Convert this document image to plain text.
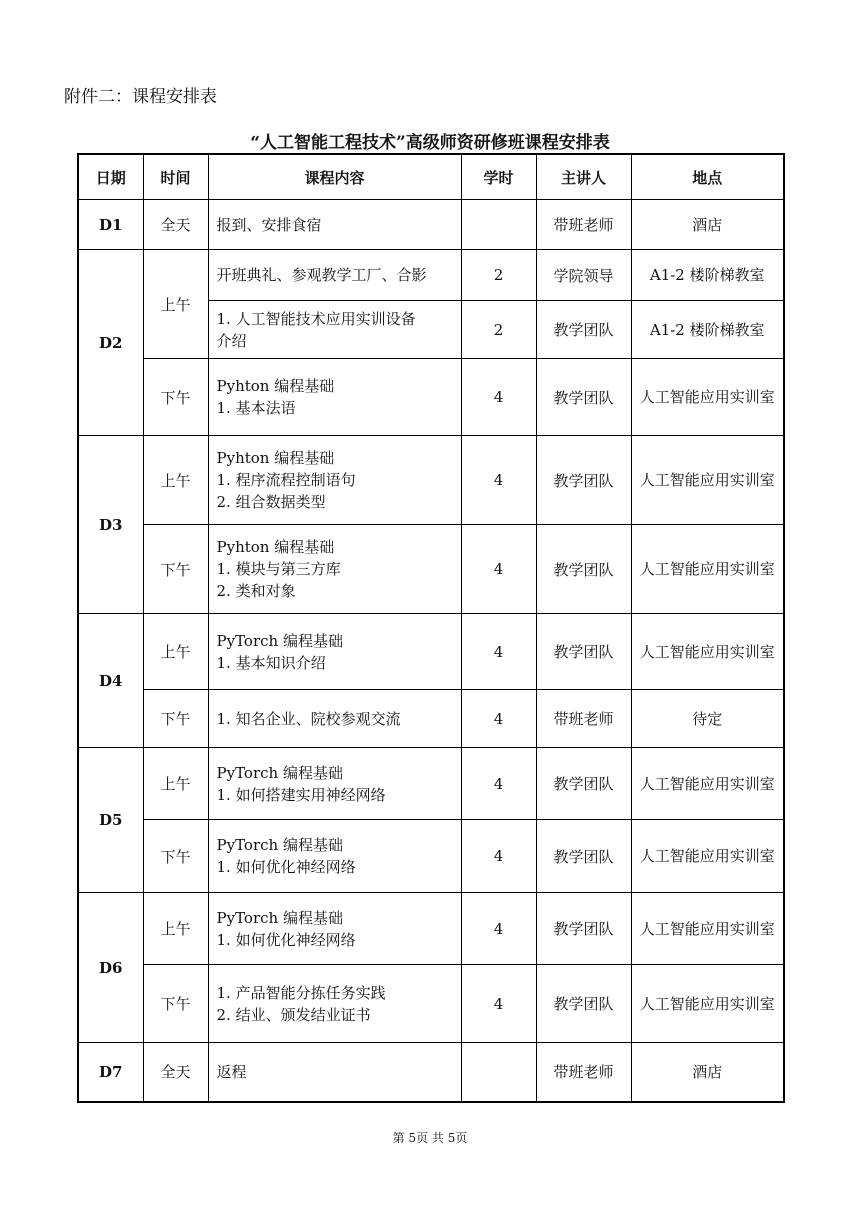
附件二：课程安排表
“人工智能工程技术”高级师资研修班课程安排表
日期	时间	课程内容	学时	主讲人	地点
D1	全天	报到、安排食宿		带班老师	酒店
D2	上午	开班典礼、参观教学工厂、合影	2	学院领导	A1-2 楼阶梯教室

		1. 人工智能技术应用实训设备
介绍	2	教学团队	A1-2 楼阶梯教室
	下午	Pyhton 编程基础
1. 基本法语	4	教学团队	人工智能应用实训室
D3	上午	Pyhton 编程基础
1. 程序流程控制语句
2. 组合数据类型	4	教学团队	人工智能应用实训室
	下午	Pyhton 编程基础
1. 模块与第三方库
2. 类和对象	4	教学团队	人工智能应用实训室
D4	上午	PyTorch 编程基础
1. 基本知识介绍	4	教学团队	人工智能应用实训室
	下午	1. 知名企业、院校参观交流	4	带班老师	待定
D5	上午	PyTorch 编程基础
1. 如何搭建实用神经网络	4	教学团队	人工智能应用实训室
	下午	PyTorch 编程基础
1. 如何优化神经网络	4	教学团队	人工智能应用实训室
D6	上午	PyTorch 编程基础
1. 如何优化神经网络	4	教学团队	人工智能应用实训室
	下午	1. 产品智能分拣任务实践
2. 结业、颁发结业证书	4	教学团队	人工智能应用实训室
D7	全天	返程		带班老师	酒店
第 5页 共 5页
